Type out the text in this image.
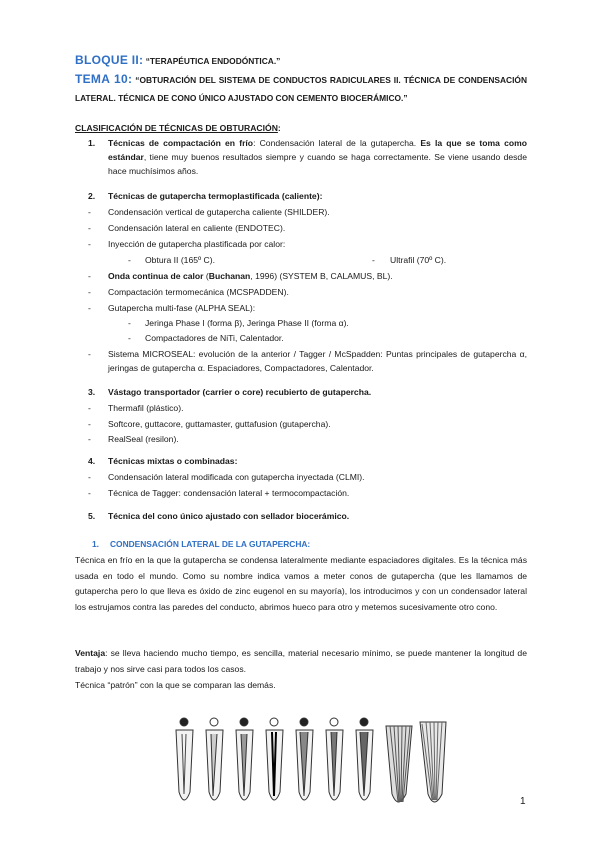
BLOQUE II: “TERAPÉUTICA ENDODÓNTICA.”
TEMA 10: “OBTURACIÓN DEL SISTEMA DE CONDUCTOS RADICULARES II. TÉCNICA DE CONDENSACIÓN LATERAL. TÉCNICA DE CONO ÚNICO AJUSTADO CON CEMENTO BIOCERÁMICO.”
CLASIFICACIÓN DE TÉCNICAS DE OBTURACIÓN:
1. Técnicas de compactación en frío: Condensación lateral de la gutapercha. Es la que se toma como estándar, tiene muy buenos resultados siempre y cuando se haga correctamente. Se viene usando desde hace muchísimos años.
2. Técnicas de gutapercha termoplastificada (caliente):
- Condensación vertical de gutapercha caliente (SHILDER).
- Condensación lateral en caliente (ENDOTEC).
- Inyección de gutapercha plastificada por calor:
- Obtura II (165º C).	- Ultrafil (70º C).
- Onda continua de calor (Buchanan, 1996) (SYSTEM B, CALAMUS, BL).
- Compactación termomecánica (MCSPADDEN).
- Gutapercha multi-fase (ALPHA SEAL):
- Jeringa Phase I (forma β), Jeringa Phase II (forma α).
- Compactadores de NiTi, Calentador.
- Sistema MICROSEAL: evolución de la anterior / Tagger / McSpadden: Puntas principales de gutapercha α, jeringas de gutapercha α. Espaciadores, Compactadores, Calentador.
3. Vástago transportador (carrier o core) recubierto de gutapercha.
- Thermafil (plástico).
- Softcore, guttacore, guttamaster, guttafusion (gutapercha).
- RealSeal (resilon).
4. Técnicas mixtas o combinadas:
- Condensación lateral modificada con gutapercha inyectada (CLMI).
- Técnica de Tagger: condensación lateral + termocompactación.
5. Técnica del cono único ajustado con sellador biocerámico.
1. CONDENSACIÓN LATERAL DE LA GUTAPERCHA:
Técnica en frío en la que la gutapercha se condensa lateralmente mediante espaciadores digitales. Es la técnica más usada en todo el mundo. Como su nombre indica vamos a meter conos de gutapercha (que les llamamos de gutapercha pero lo que lleva es óxido de zinc eugenol en su mayoría), los introducimos y con un condensador lateral los estrujamos contra las paredes del conducto, abrimos hueco para otro y metemos sucesivamente otro cono.
Ventaja: se lleva haciendo mucho tiempo, es sencilla, material necesario mínimo, se puede mantener la longitud de trabajo y nos sirve casi para todos los casos.
Técnica “patrón” con la que se comparan las demás.
1
